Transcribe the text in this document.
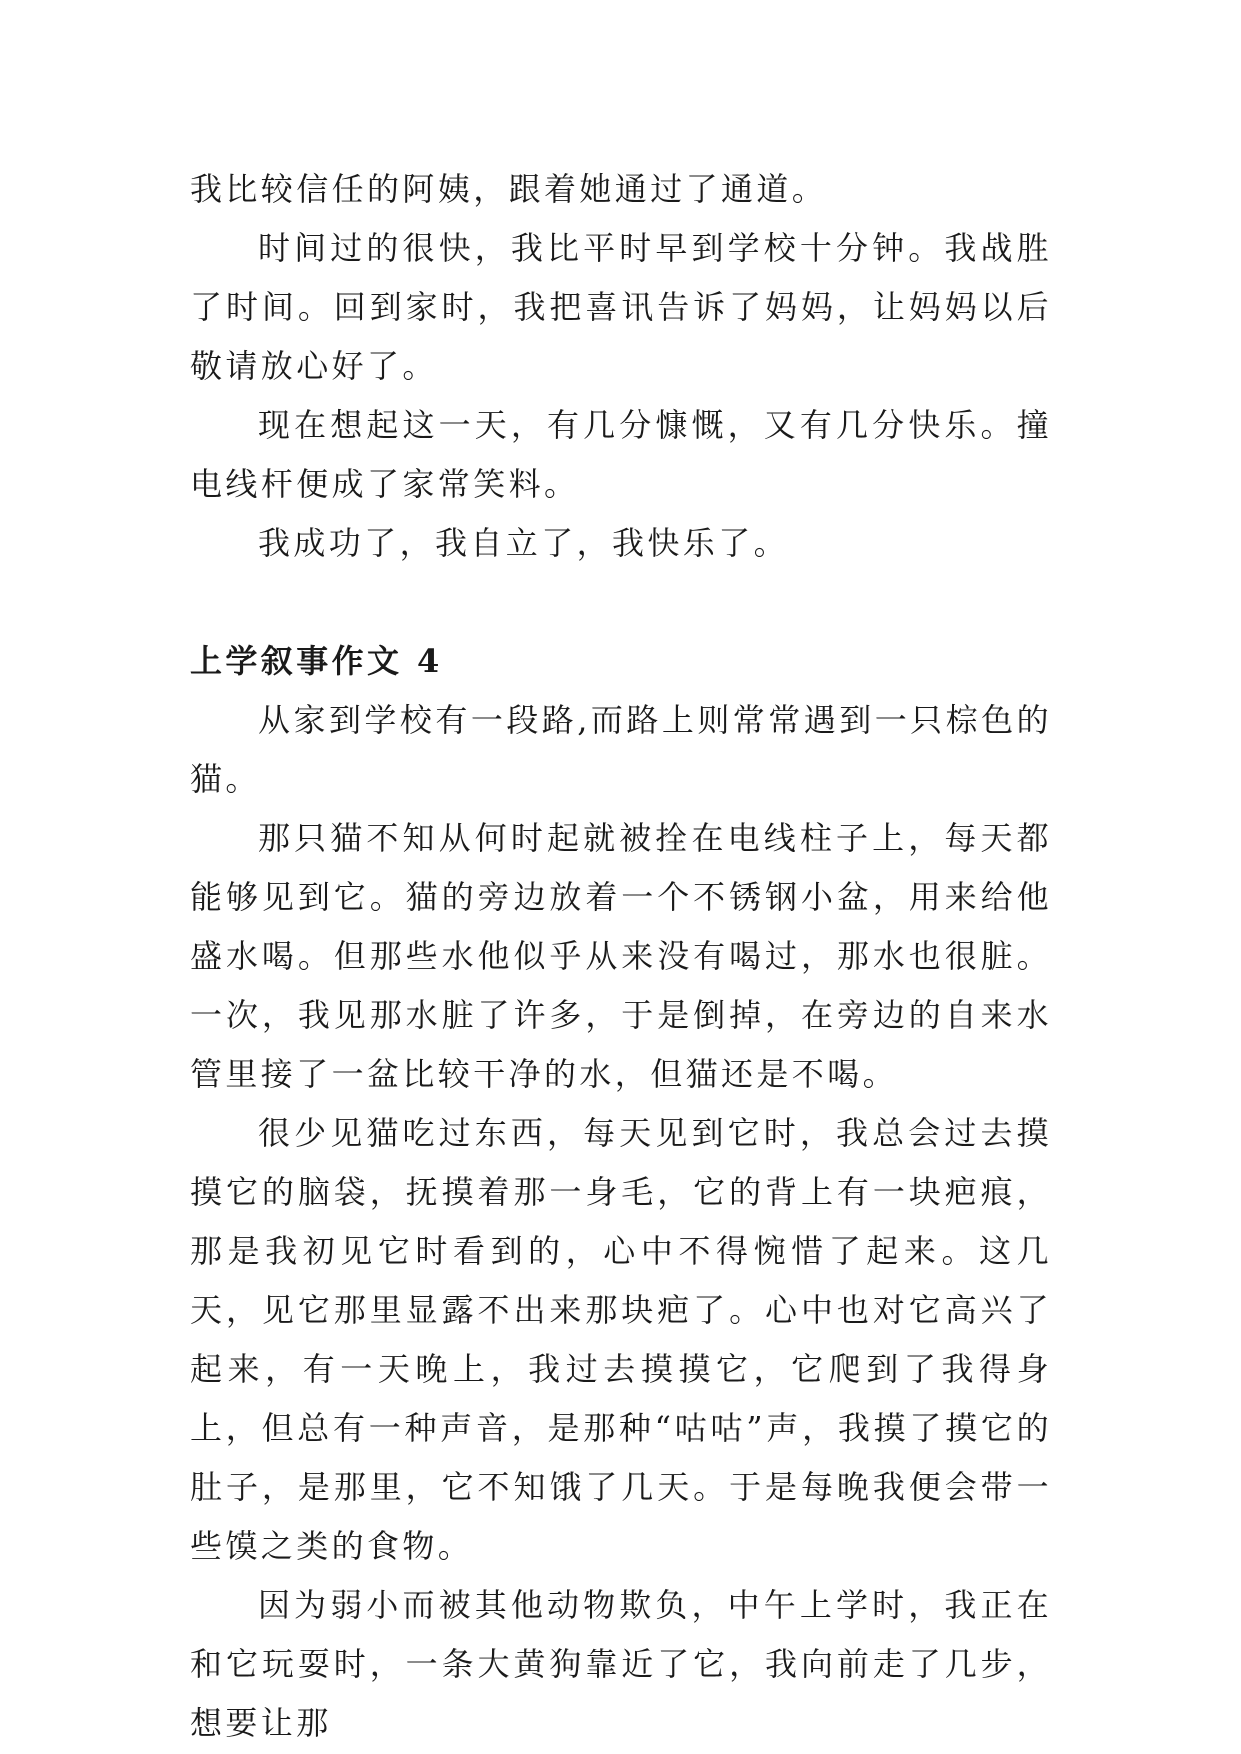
我比较信任的阿姨，跟着她通过了通道。

时间过的很快，我比平时早到学校十分钟。我战胜了时间。回到家时，我把喜讯告诉了妈妈，让妈妈以后敬请放心好了。

现在想起这一天，有几分慷慨，又有几分快乐。撞电线杆便成了家常笑料。

我成功了，我自立了，我快乐了。

上学叙事作文 4

从家到学校有一段路,而路上则常常遇到一只棕色的猫。

那只猫不知从何时起就被拴在电线柱子上，每天都能够见到它。猫的旁边放着一个不锈钢小盆，用来给他盛水喝。但那些水他似乎从来没有喝过，那水也很脏。一次，我见那水脏了许多，于是倒掉，在旁边的自来水管里接了一盆比较干净的水，但猫还是不喝。

很少见猫吃过东西，每天见到它时，我总会过去摸摸它的脑袋，抚摸着那一身毛，它的背上有一块疤痕，那是我初见它时看到的，心中不得惋惜了起来。这几天，见它那里显露不出来那块疤了。心中也对它高兴了起来，有一天晚上，我过去摸摸它，它爬到了我得身上，但总有一种声音，是那种“咕咕”声，我摸了摸它的肚子，是那里，它不知饿了几天。于是每晚我便会带一些馍之类的食物。

因为弱小而被其他动物欺负，中午上学时，我正在和它玩耍时，一条大黄狗靠近了它，我向前走了几步，想要让那
